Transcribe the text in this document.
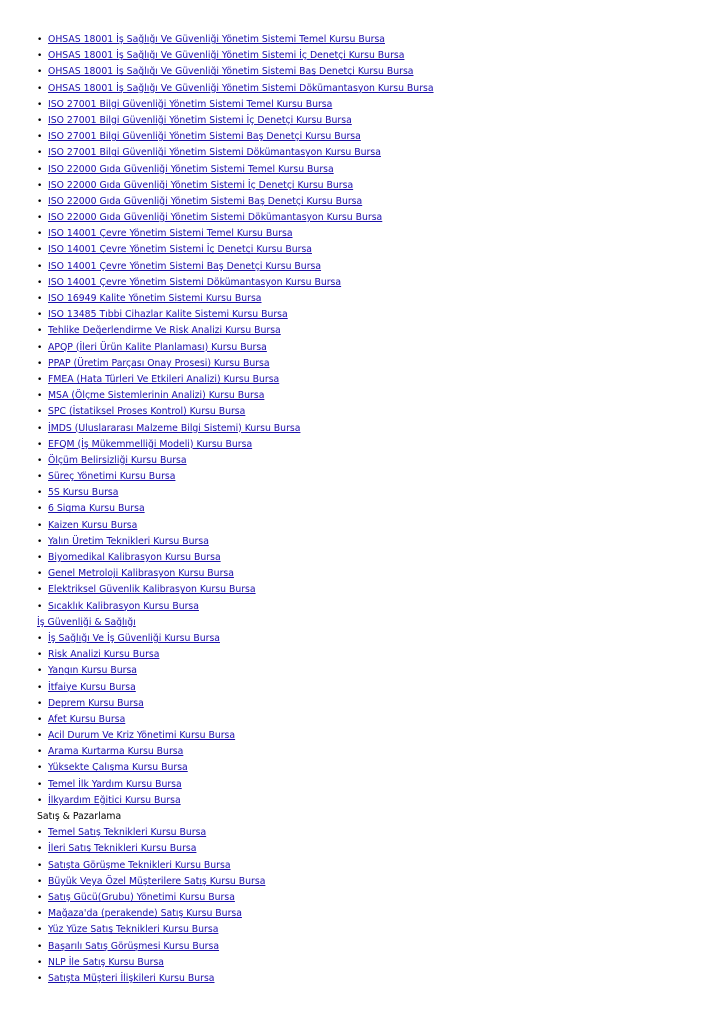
• OHSAS 18001 İş Sağlığı Ve Güvenliği Yönetim Sistemi Temel Kursu Bursa
• OHSAS 18001 İş Sağlığı Ve Güvenliği Yönetim Sistemi İç Denetçi Kursu Bursa
• OHSAS 18001 İş Sağlığı Ve Güvenliği Yönetim Sistemi Baş Denetçi Kursu Bursa
• OHSAS 18001 İş Sağlığı Ve Güvenliği Yönetim Sistemi Dökümantasyon Kursu Bursa
• ISO 27001 Bilgi Güvenliği Yönetim Sistemi Temel Kursu Bursa
• ISO 27001 Bilgi Güvenliği Yönetim Sistemi İç Denetçi Kursu Bursa
• ISO 27001 Bilgi Güvenliği Yönetim Sistemi Baş Denetçi Kursu Bursa
• ISO 27001 Bilgi Güvenliği Yönetim Sistemi Dökümantasyon Kursu Bursa
• ISO 22000 Gıda Güvenliği Yönetim Sistemi Temel Kursu Bursa
• ISO 22000 Gıda Güvenliği Yönetim Sistemi İç Denetçi Kursu Bursa
• ISO 22000 Gıda Güvenliği Yönetim Sistemi Baş Denetçi Kursu Bursa
• ISO 22000 Gıda Güvenliği Yönetim Sistemi Dökümantasyon Kursu Bursa
• ISO 14001 Çevre Yönetim Sistemi Temel Kursu Bursa
• ISO 14001 Çevre Yönetim Sistemi İç Denetçi Kursu Bursa
• ISO 14001 Çevre Yönetim Sistemi Baş Denetçi Kursu Bursa
• ISO 14001 Çevre Yönetim Sistemi Dökümantasyon Kursu Bursa
• ISO 16949 Kalite Yönetim Sistemi Kursu Bursa
• ISO 13485 Tıbbi Cihazlar Kalite Sistemi Kursu Bursa
• Tehlike Değerlendirme Ve Risk Analizi Kursu Bursa
• APQP (İleri Ürün Kalite Planlaması) Kursu Bursa
• PPAP (Üretim Parçası Onay Prosesi) Kursu Bursa
• FMEA (Hata Türleri Ve Etkileri Analizi) Kursu Bursa
• MSA (Ölçme Sistemlerinin Analizi) Kursu Bursa
• SPC (İstatiksel Proses Kontrol) Kursu Bursa
• İMDS (Uluslararası Malzeme Bilgi Sistemi) Kursu Bursa
• EFQM (İş Mükemmelliği Modeli) Kursu Bursa
• Ölçüm Belirsizliği Kursu Bursa
• Süreç Yönetimi Kursu Bursa
• 5S Kursu Bursa
• 6 Sigma Kursu Bursa
• Kaizen Kursu Bursa
• Yalın Üretim Teknikleri Kursu Bursa
• Biyomedikal Kalibrasyon Kursu Bursa
• Genel Metroloji Kalibrasyon Kursu Bursa
• Elektriksel Güvenlik Kalibrasyon Kursu Bursa
• Sıcaklık Kalibrasyon Kursu Bursa
İş Güvenliği & Sağlığı
• İş Sağlığı Ve İş Güvenliği Kursu Bursa
• Risk Analizi Kursu Bursa
• Yangın Kursu Bursa
• İtfaiye Kursu Bursa
• Deprem Kursu Bursa
• Afet Kursu Bursa
• Acil Durum Ve Kriz Yönetimi Kursu Bursa
• Arama Kurtarma Kursu Bursa
• Yüksekte Çalışma Kursu Bursa
• Temel İlk Yardım Kursu Bursa
• İlkyardım Eğitici Kursu Bursa
Satış & Pazarlama
• Temel Satış Teknikleri Kursu Bursa
• İleri Satış Teknikleri Kursu Bursa
• Satışta Görüşme Teknikleri Kursu Bursa
• Büyük Veya Özel Müşterilere Satış Kursu Bursa
• Satış Gücü(Grubu) Yönetimi Kursu Bursa
• Mağaza'da (perakende) Satış Kursu Bursa
• Yüz Yüze Satış Teknikleri Kursu Bursa
• Başarılı Satış Görüşmesi Kursu Bursa
• NLP İle Satış Kursu Bursa
• Satışta Müşteri İlişkileri Kursu Bursa
